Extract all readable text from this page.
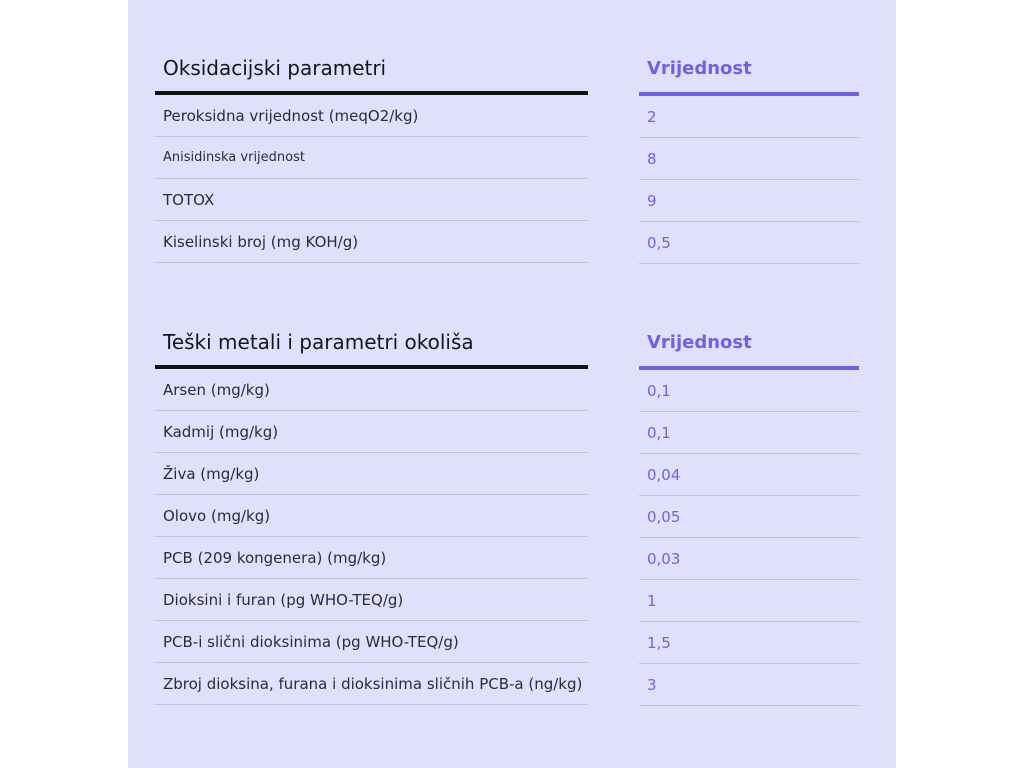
Oksidacijski parametri
Peroksidna vrijednost (meqO2/kg)
Anisidinska vrijednost
TOTOX
Kiselinski broj (mg KOH/g)
Vrijednost
2
8
9
0,5
Teški metali i parametri okoliša
Arsen (mg/kg)
Kadmij (mg/kg)
Živa (mg/kg)
Olovo (mg/kg)
PCB (209 kongenera) (mg/kg)
Dioksini i furan (pg WHO-TEQ/g)
PCB-i slični dioksinima (pg WHO-TEQ/g)
Zbroj dioksina, furana i dioksinima sličnih PCB-a (ng/kg)
Vrijednost
0,1
0,1
0,04
0,05
0,03
1
1,5
3
